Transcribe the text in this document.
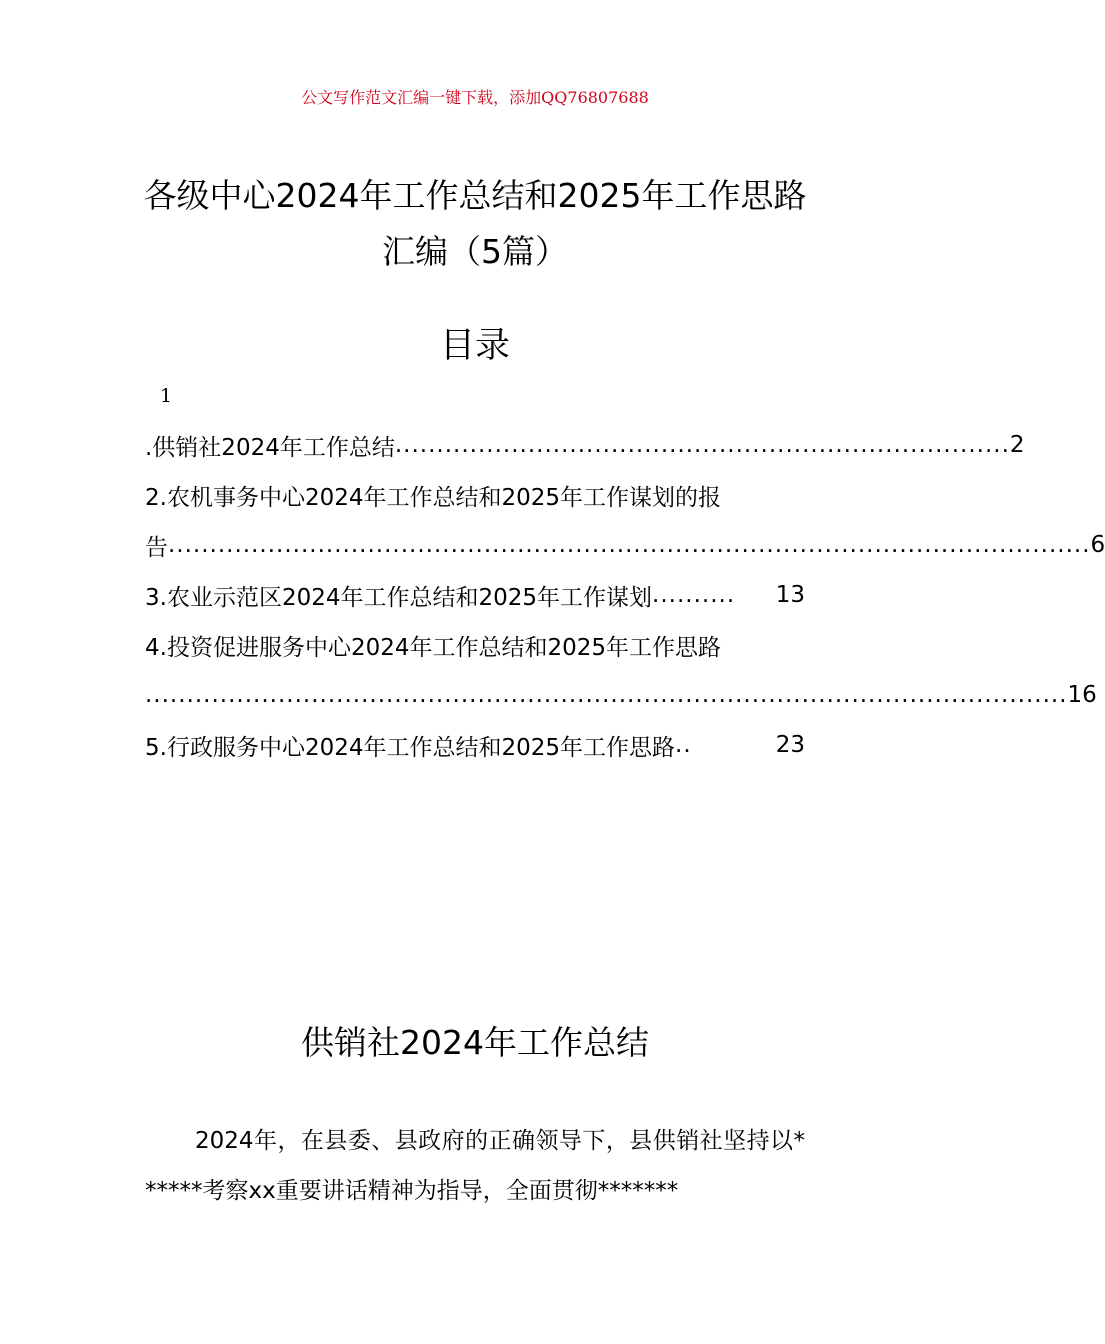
公文写作范文汇编一键下载，添加QQ76807688
各级中心2024年工作总结和2025年工作思路汇编（5篇）
目录
1
.供销社2024年工作总结 .......................................................................... 2
2.农机事务中心2024年工作总结和2025年工作谋划的报
告 ............................................................................................................... 6
3.农业示范区2024年工作总结和2025年工作谋划 ..........	13
4.投资促进服务中心2024年工作总结和2025年工作思路
............................................................................................................... 16
5.行政服务中心2024年工作总结和2025年工作思路 ..	23
供销社2024年工作总结
2024年，在县委、县政府的正确领导下，县供销社坚持以******考察xx重要讲话精神为指导，全面贯彻*******
